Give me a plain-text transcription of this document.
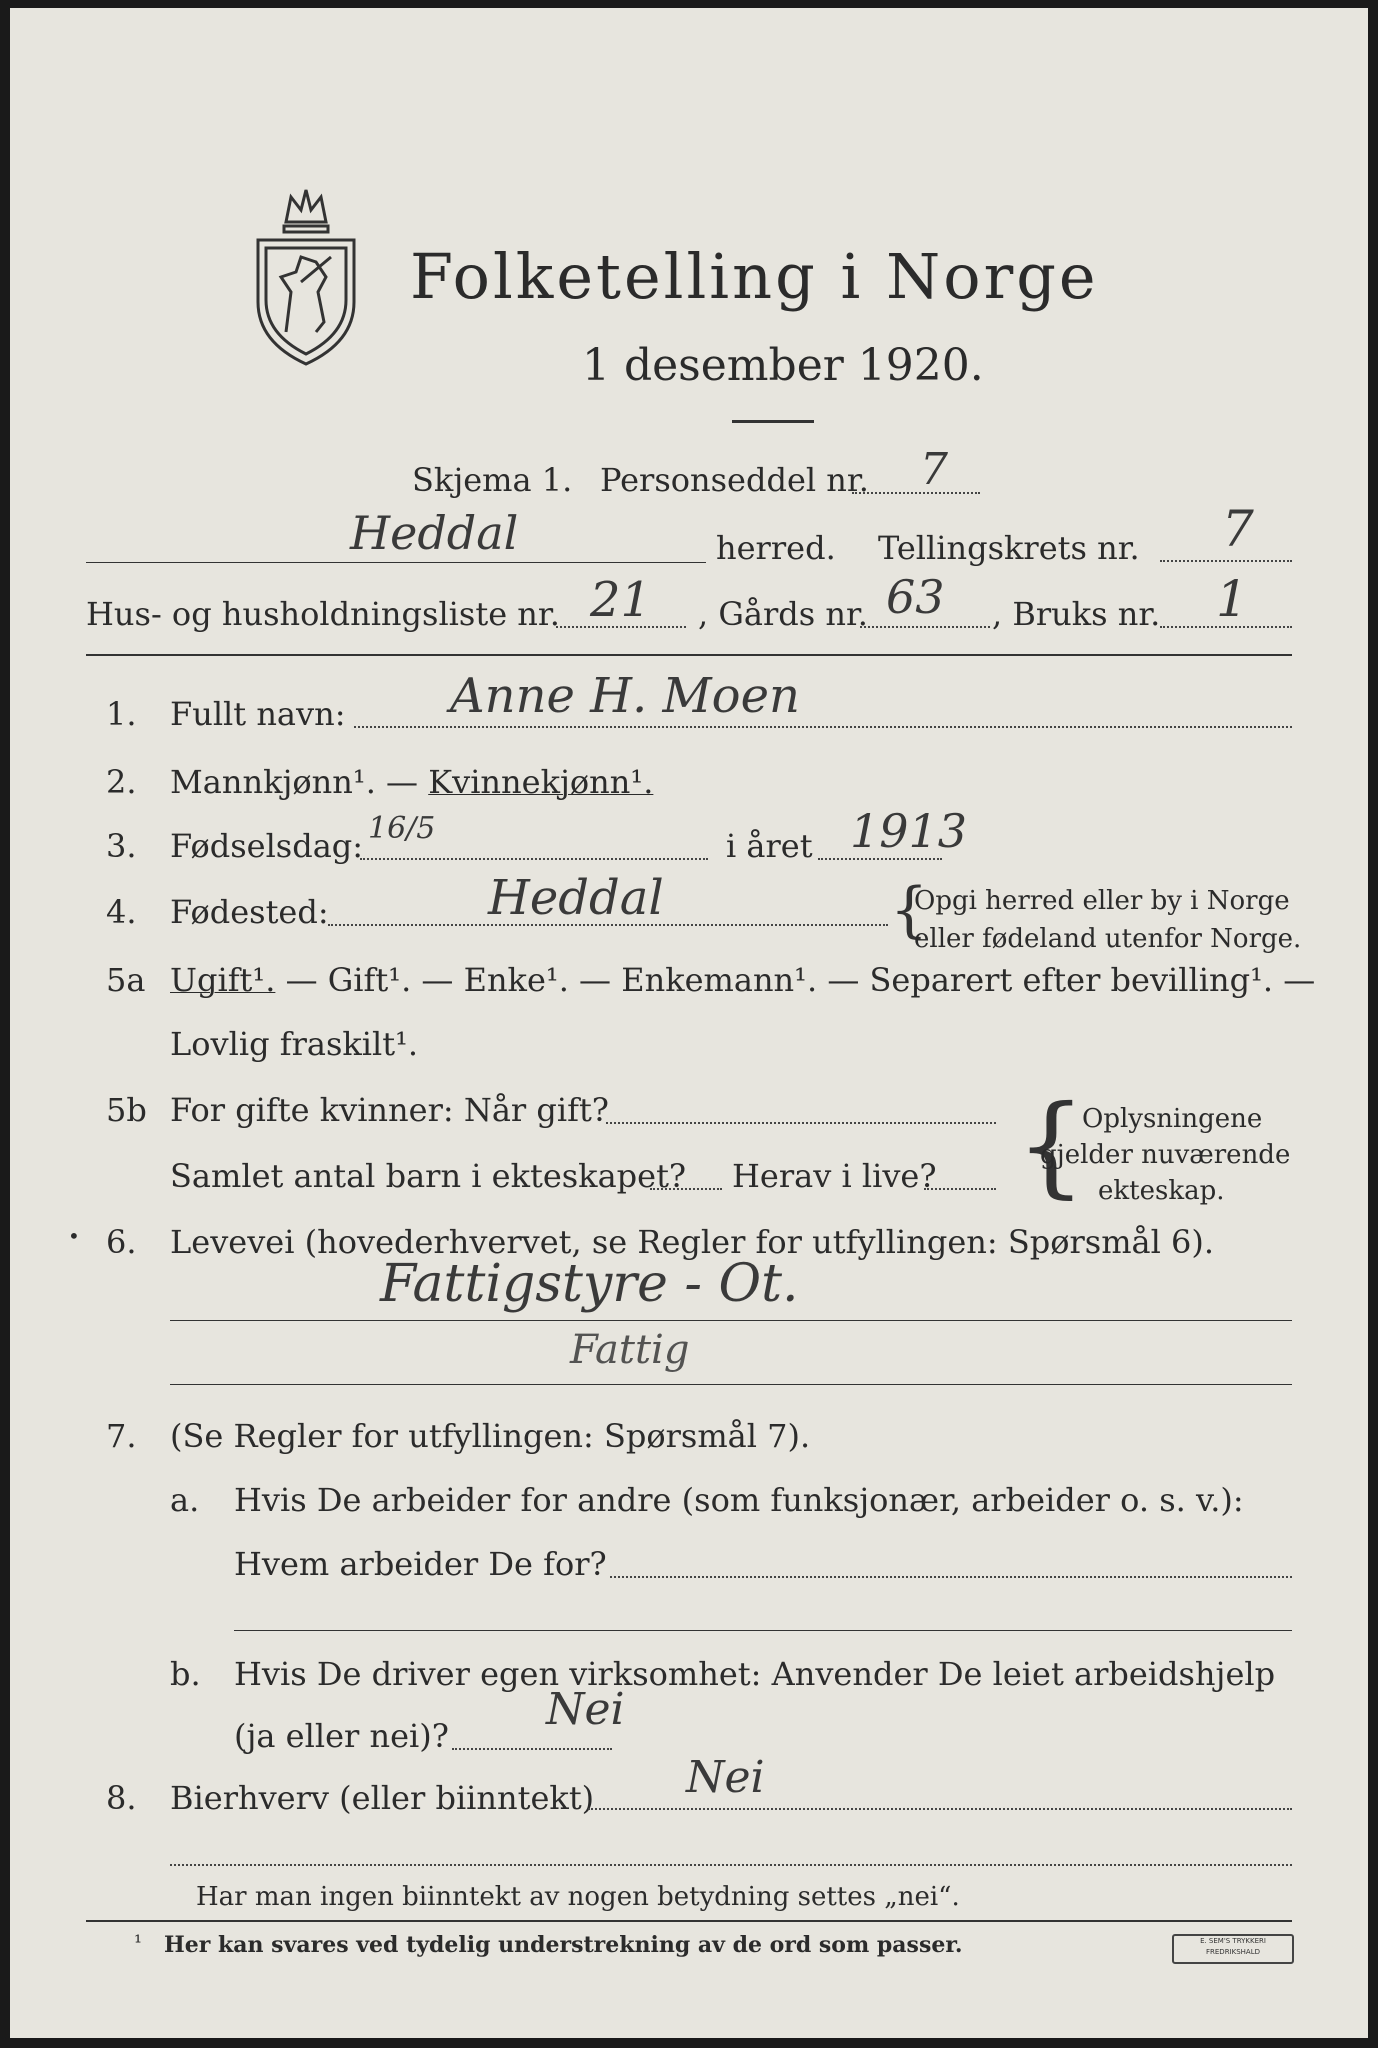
Folketelling i Norge
1 desember 1920.
Skjema 1. Personseddel nr. 7
Heddal	herred. Tellingskrets nr. 7
Hus- og husholdningsliste nr. 21 , Gårds nr. 63 , Bruks nr. 1
1. Fullt navn: Anne H. Moen
2. Mannkjønn¹. — Kvinnekjønn¹.
3. Fødselsdag: 16/5	i året 1913
4. Fødested:	Heddal	{
Opgi herred eller by i Norge
eller fødeland utenfor Norge.
5a Ugift¹. — Gift¹. — Enke¹. — Enkemann¹. — Separert efter bevilling¹. —
Lovlig fraskilt¹.
5b For gifte kvinner: Når gift?
Samlet antal barn i ekteskapet? Herav i live? {
Oplysningene
gjelder nuværende
ekteskap.
• 6. Levevei (hovederhvervet, se Regler for utfyllingen: Spørsmål 6).
Fattigstyre - Ot.
Fattig
7. (Se Regler for utfyllingen: Spørsmål 7).
a. Hvis De arbeider for andre (som funksjonær, arbeider o. s. v.):
Hvem arbeider De for?
b. Hvis De driver egen virksomhet: Anvender De leiet arbeidshjelp
(ja eller nei)?
Nei
8. Bierhverv (eller biinntekt) Nei
Har man ingen biinntekt av nogen betydning settes „nei“.
¹ Her kan svares ved tydelig understrekning av de ord som passer.	E. SEM'S TRYKKERI
FREDRIKSHALD
